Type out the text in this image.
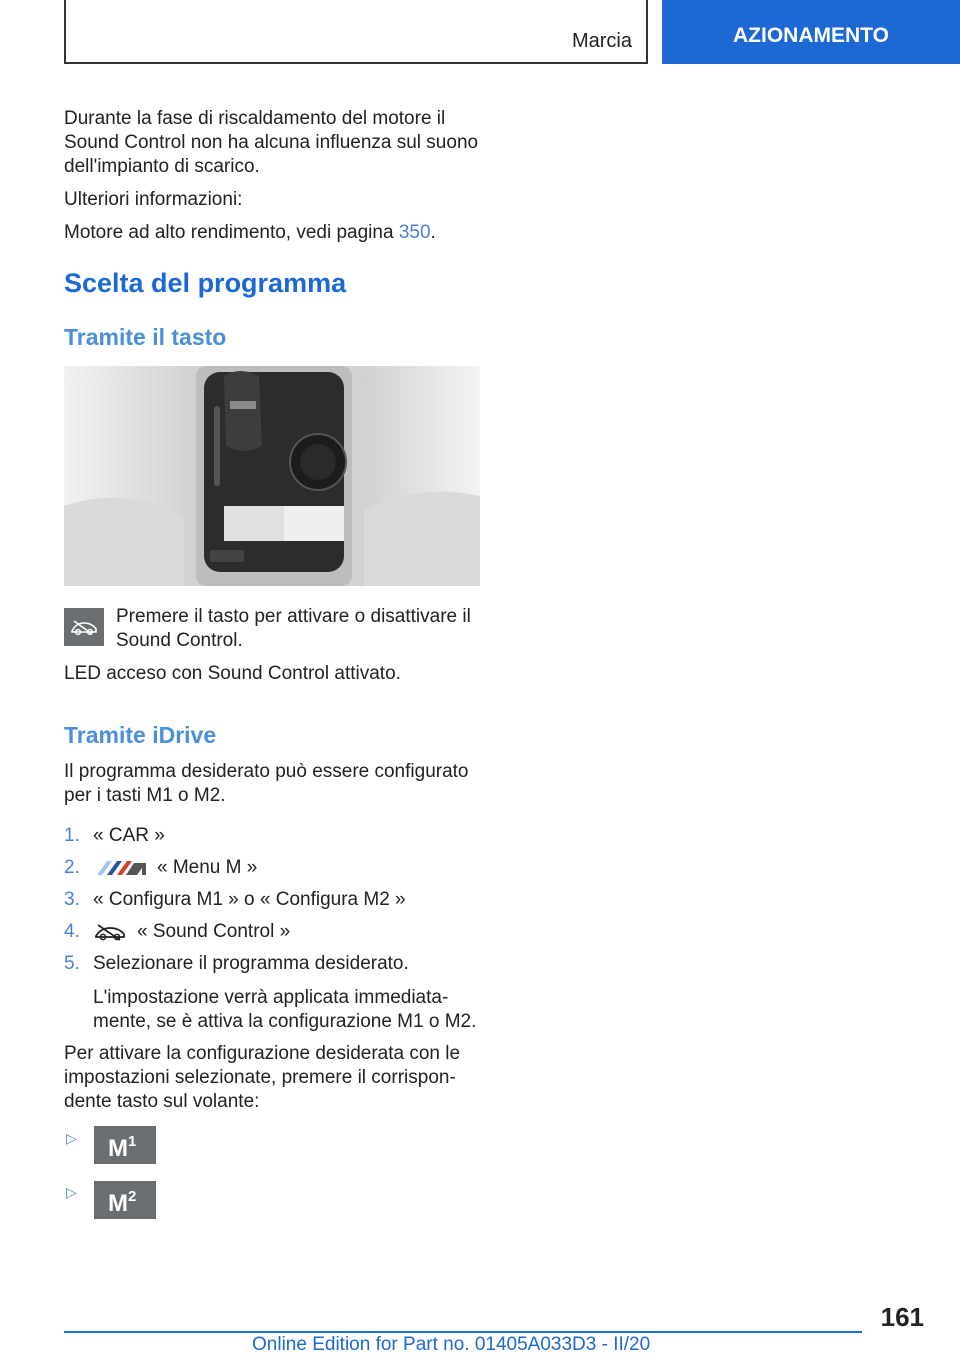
Marcia	AZIONAMENTO

Durante la fase di riscaldamento del motore il Sound Control non ha alcuna influenza sul suono dell'impianto di scarico.

Ulteriori informazioni:

Motore ad alto rendimento, vedi pagina 350.

Scelta del programma
Tramite il tasto

Premere il tasto per attivare o disattivare il Sound Control.

LED acceso con Sound Control attivato.

Tramite iDrive

Il programma desiderato può essere configurato per i tasti M1 o M2.

1. « CAR »
2.	« Menu M »
3. « Configura M1 » o « Configura M2 »
4.	« Sound Control »
5. Selezionare il programma desiderato.

L'impostazione verrà applicata immediatamente, se è attiva la configurazione M1 o M2.

Per attivare la configurazione desiderata con le impostazioni selezionate, premere il corrispondente tasto sul volante:

▷ $M^1$
▷ $M^2$
161
Online Edition for Part no. 01405A033D3 - II/20
